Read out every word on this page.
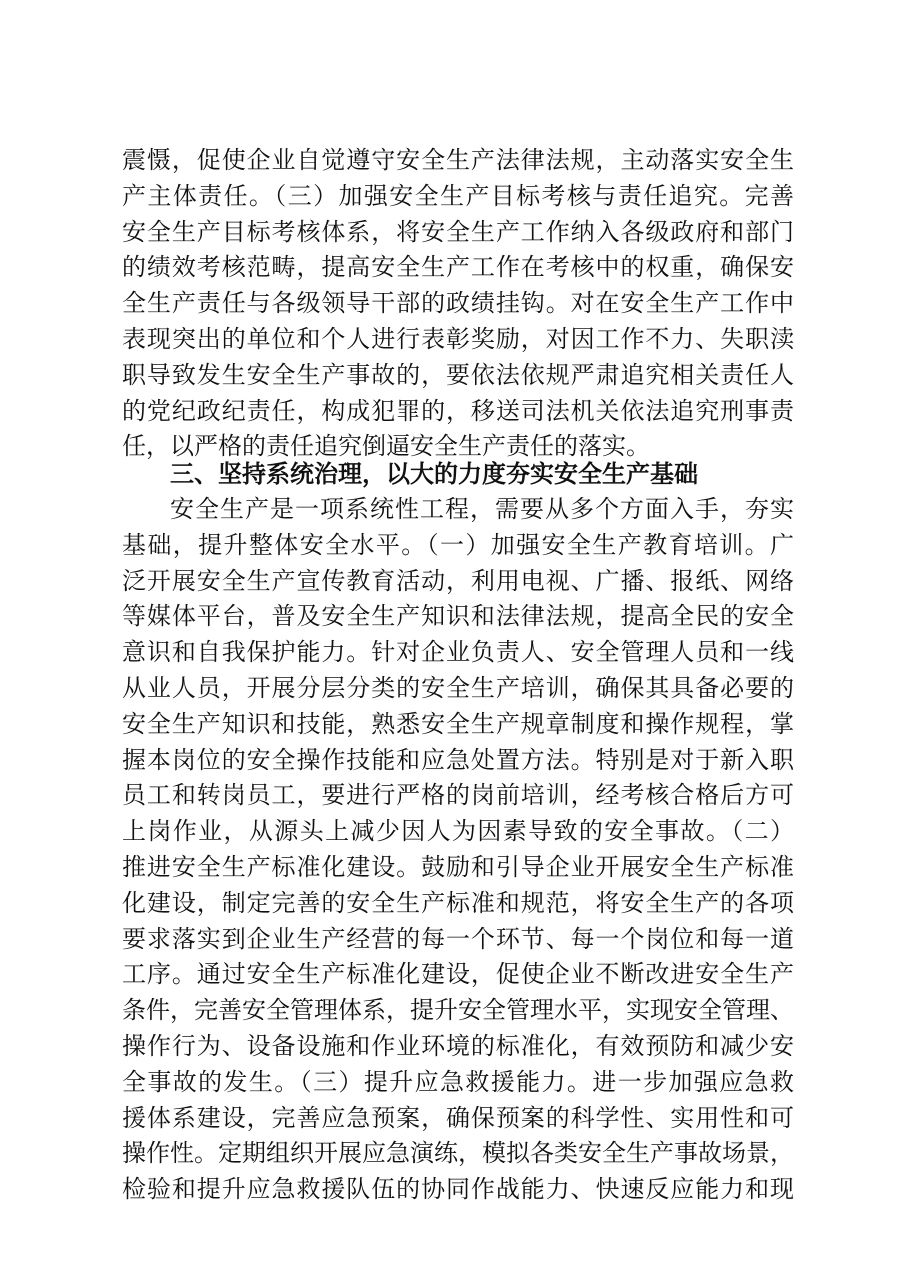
震慑，促使企业自觉遵守安全生产法律法规，主动落实安全生
产主体责任。（三）加强安全生产目标考核与责任追究。完善
安全生产目标考核体系，将安全生产工作纳入各级政府和部门
的绩效考核范畴，提高安全生产工作在考核中的权重，确保安
全生产责任与各级领导干部的政绩挂钩。对在安全生产工作中
表现突出的单位和个人进行表彰奖励，对因工作不力、失职渎
职导致发生安全生产事故的，要依法依规严肃追究相关责任人
的党纪政纪责任，构成犯罪的，移送司法机关依法追究刑事责
任，以严格的责任追究倒逼安全生产责任的落实。
三、坚持系统治理，以大的力度夯实安全生产基础
安全生产是一项系统性工程，需要从多个方面入手，夯实
基础，提升整体安全水平。（一）加强安全生产教育培训。广
泛开展安全生产宣传教育活动，利用电视、广播、报纸、网络
等媒体平台，普及安全生产知识和法律法规，提高全民的安全
意识和自我保护能力。针对企业负责人、安全管理人员和一线
从业人员，开展分层分类的安全生产培训，确保其具备必要的
安全生产知识和技能，熟悉安全生产规章制度和操作规程，掌
握本岗位的安全操作技能和应急处置方法。特别是对于新入职
员工和转岗员工，要进行严格的岗前培训，经考核合格后方可
上岗作业，从源头上减少因人为因素导致的安全事故。（二）
推进安全生产标准化建设。鼓励和引导企业开展安全生产标准
化建设，制定完善的安全生产标准和规范，将安全生产的各项
要求落实到企业生产经营的每一个环节、每一个岗位和每一道
工序。通过安全生产标准化建设，促使企业不断改进安全生产
条件，完善安全管理体系，提升安全管理水平，实现安全管理、
操作行为、设备设施和作业环境的标准化，有效预防和减少安
全事故的发生。（三）提升应急救援能力。进一步加强应急救
援体系建设，完善应急预案，确保预案的科学性、实用性和可
操作性。定期组织开展应急演练，模拟各类安全生产事故场景，
检验和提升应急救援队伍的协同作战能力、快速反应能力和现
